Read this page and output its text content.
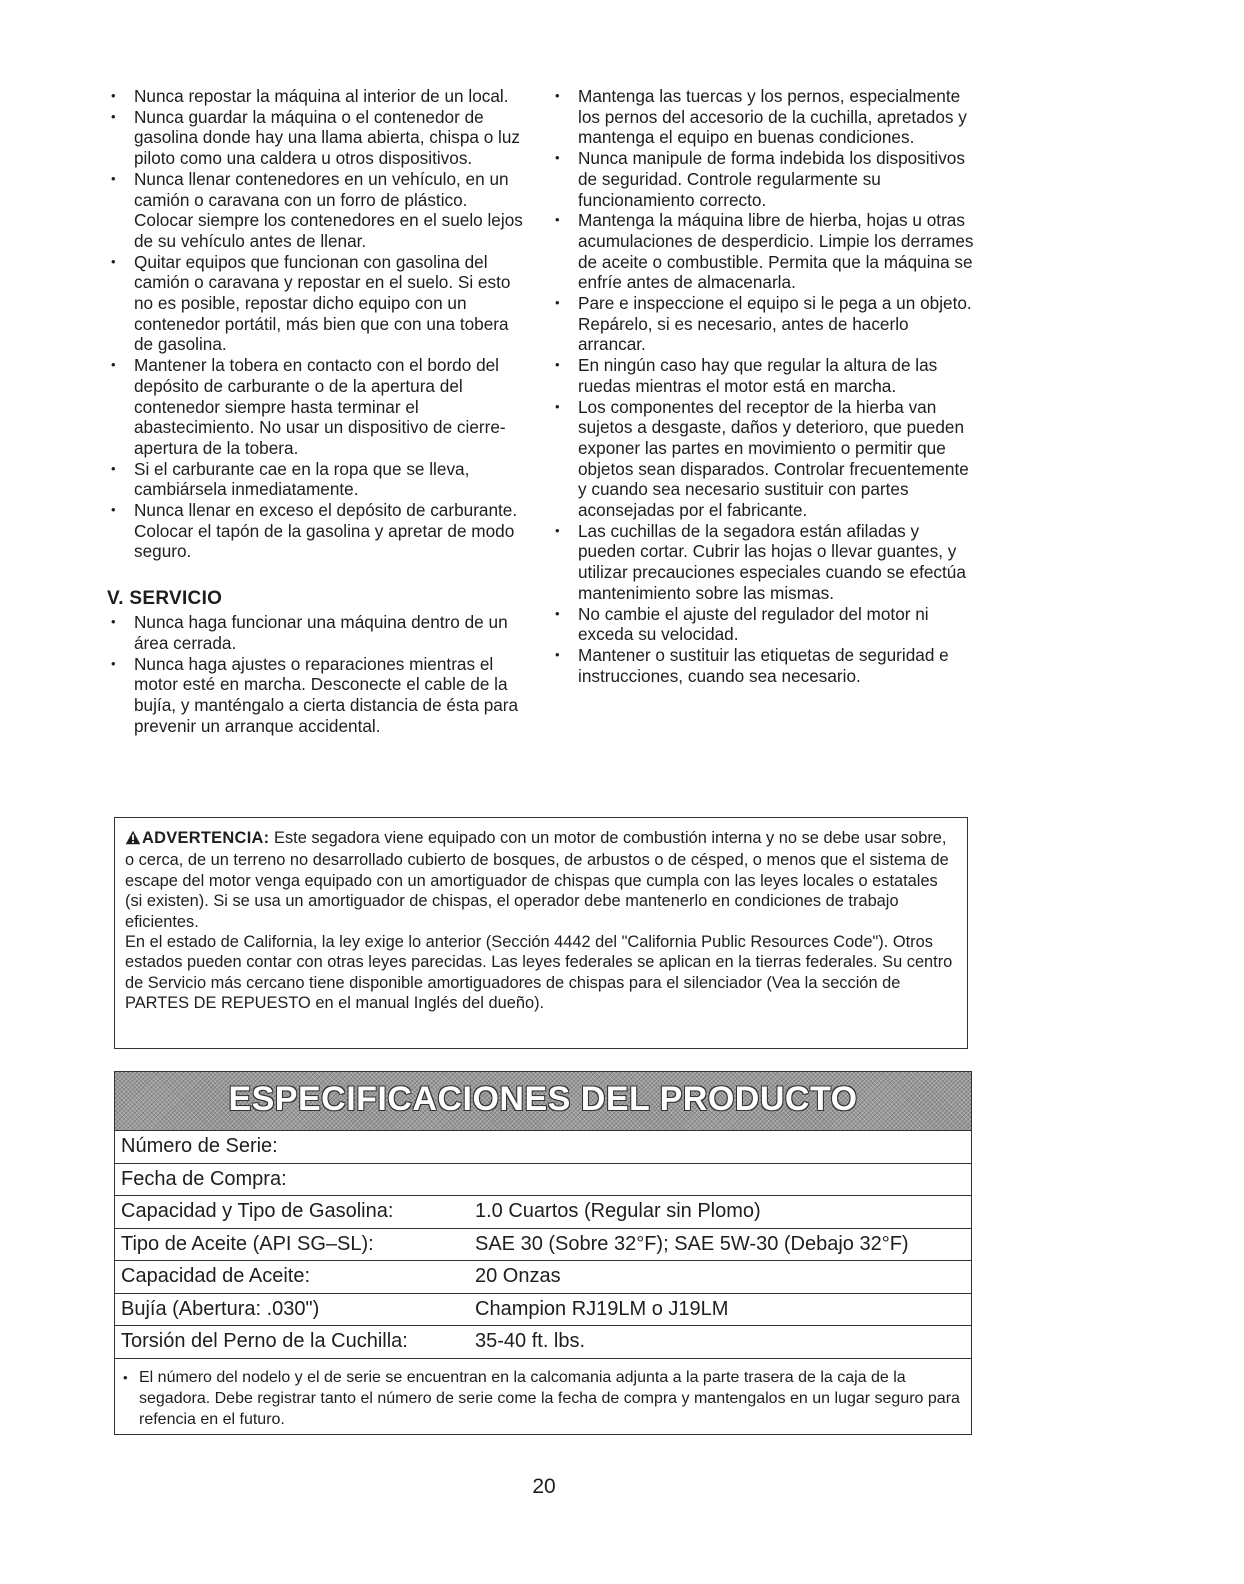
• Nunca repostar la máquina al interior de un local.
• Nunca guardar la máquina o el contenedor de gasolina donde hay una llama abierta, chispa o luz piloto como una caldera u otros dispositivos.
• Nunca llenar contenedores en un vehículo, en un camión o caravana con un forro de plástico. Colocar siempre los contenedores en el suelo lejos de su vehículo antes de llenar.
• Quitar equipos que funcionan con gasolina del camión o caravana y repostar en el suelo. Si esto no es posible, repostar dicho equipo con un contenedor portátil, más bien que con una tobera de gasolina.
• Mantener la tobera en contacto con el bordo del depósito de carburante o de la apertura del contenedor siempre hasta terminar el abastecimiento. No usar un dispositivo de cierre-apertura de la tobera.
• Si el carburante cae en la ropa que se lleva, cambiársela inmediatamente.
• Nunca llenar en exceso el depósito de carburante. Colocar el tapón de la gasolina y apretar de modo seguro.
V. SERVICIO
• Nunca haga funcionar una máquina dentro de un área cerrada.
• Nunca haga ajustes o reparaciones mientras el motor esté en marcha. Desconecte el cable de la bujía, y manténgalo a cierta distancia de ésta para prevenir un arranque accidental.
• Mantenga las tuercas y los pernos, especialmente los pernos del accesorio de la cuchilla, apretados y mantenga el equipo en buenas condiciones.
• Nunca manipule de forma indebida los dispositivos de seguridad. Controle regularmente su funcionamiento correcto.
• Mantenga la máquina libre de hierba, hojas u otras acumulaciones de desperdicio. Limpie los derrames de aceite o combustible. Permita que la máquina se enfríe antes de almacenarla.
• Pare e inspeccione el equipo si le pega a un objeto. Repárelo, si es necesario, antes de hacerlo arrancar.
• En ningún caso hay que regular la altura de las ruedas mientras el motor está en marcha.
• Los componentes del receptor de la hierba van sujetos a desgaste, daños y deterioro, que pueden exponer las partes en movimiento o permitir que objetos sean disparados. Controlar frecuentemente y cuando sea necesario sustituir con partes aconsejadas por el fabricante.
• Las cuchillas de la segadora están afiladas y pueden cortar. Cubrir las hojas o llevar guantes, y utilizar precauciones especiales cuando se efectúa mantenimiento sobre las mismas.
• No cambie el ajuste del regulador del motor ni exceda su velocidad.
• Mantener o sustituir las etiquetas de seguridad e instrucciones, cuando sea necesario.
ADVERTENCIA: Este segadora viene equipado con un motor de combustión interna y no se debe usar sobre, o cerca, de un terreno no desarrollado cubierto de bosques, de arbustos o de césped, o menos que el sistema de escape del motor venga equipado con un amortiguador de chispas que cumpla con las leyes locales o estatales (si existen). Si se usa un amortiguador de chispas, el operador debe mantenerlo en condiciones de trabajo eficientes.
En el estado de California, la ley exige lo anterior (Sección 4442 del "California Public Resources Code"). Otros estados pueden contar con otras leyes parecidas. Las leyes federales se aplican en la tierras federales. Su centro de Servicio más cercano tiene disponible amortiguadores de chispas para el silenciador (Vea la sección de PARTES DE REPUESTO en el manual Inglés del dueño).
ESPECIFICACIONES DEL PRODUCTO
Número de Serie:
Fecha de Compra:
Capacidad y Tipo de Gasolina:	1.0 Cuartos (Regular sin Plomo)
Tipo de Aceite (API SG–SL):	SAE 30 (Sobre 32°F); SAE 5W-30 (Debajo 32°F)
Capacidad de Aceite:	20 Onzas
Bujía (Abertura: .030")	Champion RJ19LM o J19LM
Torsión del Perno de la Cuchilla:	35-40 ft. lbs.
• El número del nodelo y el de serie se encuentran en la calcomania adjunta a la parte trasera de la caja de la segadora. Debe registrar tanto el número de serie come la fecha de compra y mantengalos en un lugar seguro para refencia en el futuro.
20
